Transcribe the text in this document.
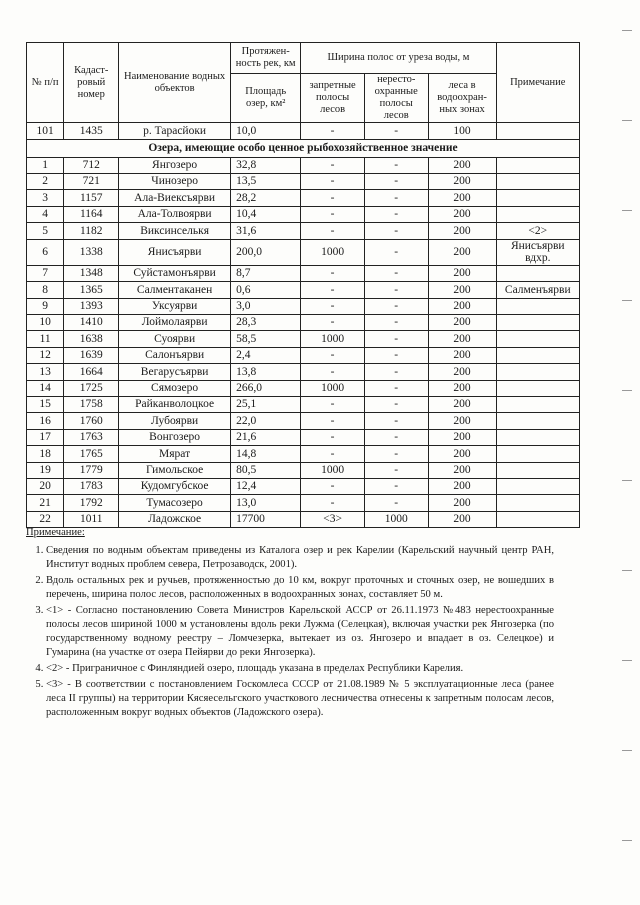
№ п/п	Кадаст-ровый номер	Наименование водных объектов	Протяжен-ность рек, км	Ширина полос от уреза воды, м			Примечание
			Площадь озер, км²	запретные полосы лесов	нересто-охранные полосы лесов	леса в водоохран-ных зонах	
101	1435	р. Тарасйоки	10,0	-	-	100	
Озера, имеющие особо ценное рыбохозяйственное значение							
1	712	Янгозеро	32,8	-	-	200	
2	721	Чинозеро	13,5	-	-	200	
3	1157	Ала-Виексъярви	28,2	-	-	200	
4	1164	Ала-Толвоярви	10,4	-	-	200	
5	1182	Виксинселькя	31,6	-	-	200	<2>
6	1338	Янисъярви	200,0	1000	-	200	Янисъярви вдхр.
7	1348	Суйстамонъярви	8,7	-	-	200	
8	1365	Салментаканен	0,6	-	-	200	Салменъярви
9	1393	Уксуярви	3,0	-	-	200	
10	1410	Лоймолаярви	28,3	-	-	200	
11	1638	Суоярви	58,5	1000	-	200	
12	1639	Салонъярви	2,4	-	-	200	
13	1664	Вегарусъярви	13,8	-	-	200	
14	1725	Сямозеро	266,0	1000	-	200	
15	1758	Райканволоцкое	25,1	-	-	200	
16	1760	Лубоярви	22,0	-	-	200	
17	1763	Вонгозеро	21,6	-	-	200	
18	1765	Мярат	14,8	-	-	200	
19	1779	Гимольское	80,5	1000	-	200	
20	1783	Кудомгубское	12,4	-	-	200	
21	1792	Тумасозеро	13,0	-	-	200	
22	1011	Ладожское	17700	<3>	1000	200	
Примечание:
1. Сведения по водным объектам приведены из Каталога озер и рек Карелии (Карельский научный центр РАН, Институт водных проблем севера, Петрозаводск, 2001).
2. Вдоль остальных рек и ручьев, протяженностью до 10 км, вокруг проточных и сточных озер, не вошедших в перечень, ширина полос лесов, расположенных в водоохранных зонах, составляет 50 м.
3. <1> - Согласно постановлению Совета Министров Карельской АССР от 26.11.1973 №483 нерестоохранные полосы лесов шириной 1000 м установлены вдоль реки Лужма (Селецкая), включая участки рек Янгозерка (по государственному водному реестру – Ломчезерка, вытекает из оз. Янгозеро и впадает в оз. Селецкое) и Гумарина (на участке от озера Пейярви до реки Янгозерка).
4. <2> - Приграничное с Финляндией озеро, площадь указана в пределах Республики Карелия.
5. <3> - В соответствии с постановлением Госкомлеса СССР от 21.08.1989 № 5 эксплуатационные леса (ранее леса II группы) на территории Кясяесельгского участкового лесничества отнесены к запретным полосам лесов, расположенным вокруг водных объектов (Ладожского озера).
